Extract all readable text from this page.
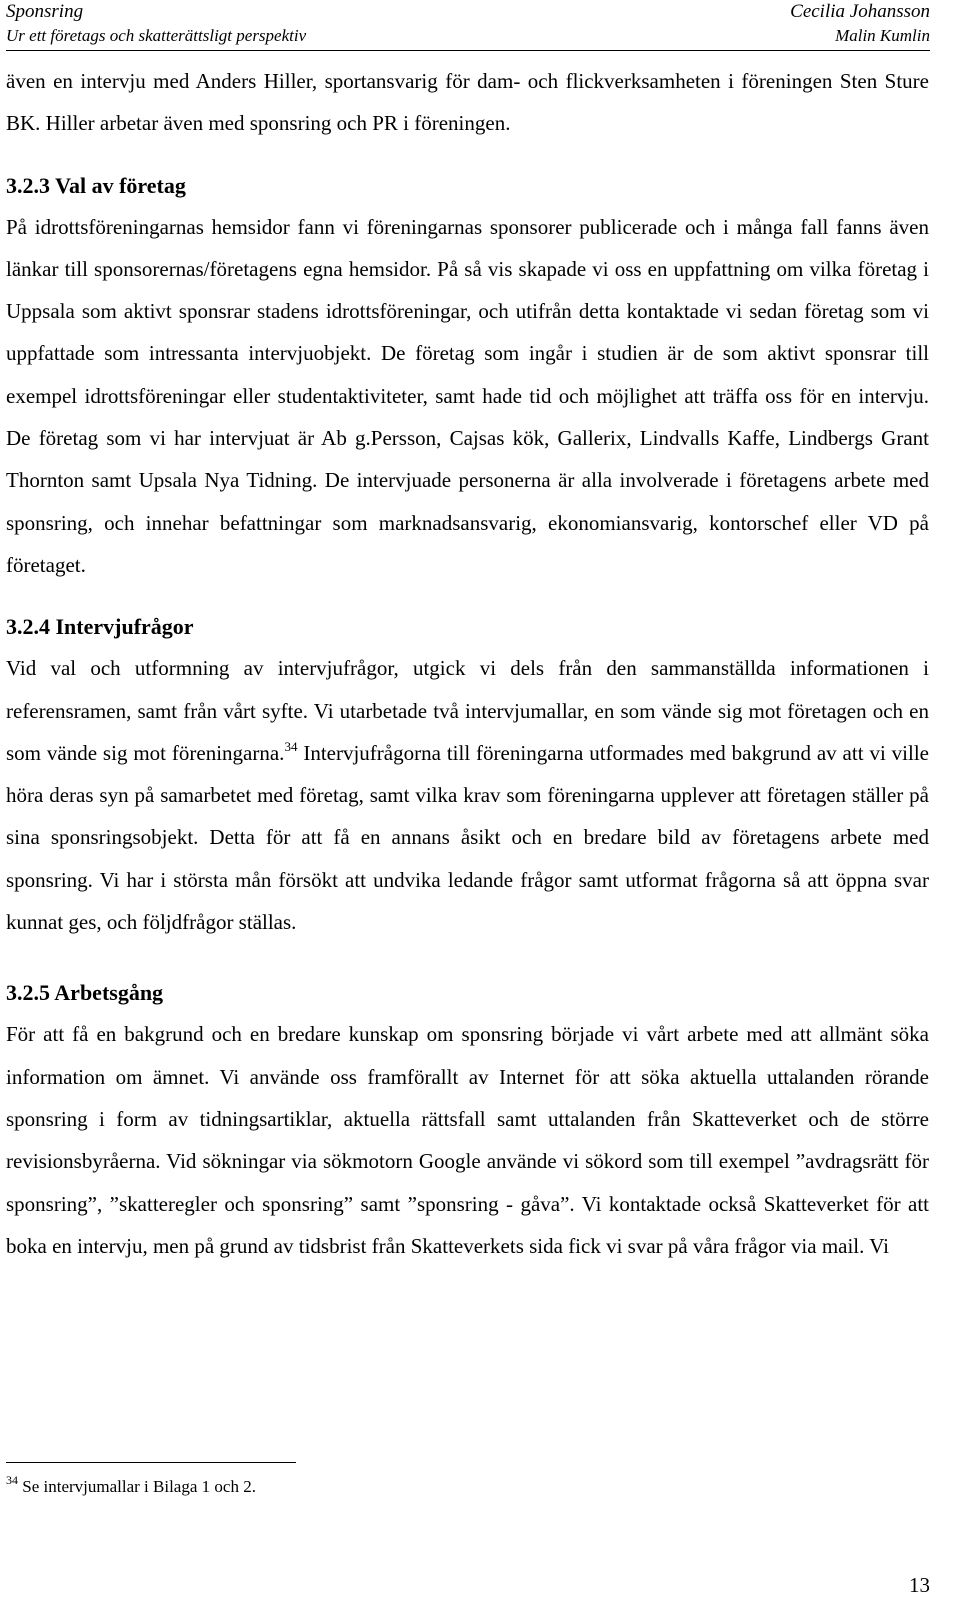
Sponsring
Ur ett företags och skatterättsligt perspektiv
Cecilia Johansson
Malin Kumlin

även en intervju med Anders Hiller, sportansvarig för dam- och flickverksamheten i föreningen Sten Sture BK. Hiller arbetar även med sponsring och PR i föreningen.

3.2.3 Val av företag

På idrottsföreningarnas hemsidor fann vi föreningarnas sponsorer publicerade och i många fall fanns även länkar till sponsorernas/företagens egna hemsidor. På så vis skapade vi oss en uppfattning om vilka företag i Uppsala som aktivt sponsrar stadens idrottsföreningar, och utifrån detta kontaktade vi sedan företag som vi uppfattade som intressanta intervjuobjekt. De företag som ingår i studien är de som aktivt sponsrar till exempel idrottsföreningar eller studentaktiviteter, samt hade tid och möjlighet att träffa oss för en intervju. De företag som vi har intervjuat är Ab g.Persson, Cajsas kök, Gallerix, Lindvalls Kaffe, Lindbergs Grant Thornton samt Upsala Nya Tidning. De intervjuade personerna är alla involverade i företagens arbete med sponsring, och innehar befattningar som marknadsansvarig, ekonomiansvarig, kontorschef eller VD på företaget.

3.2.4 Intervjufrågor

Vid val och utformning av intervjufrågor, utgick vi dels från den sammanställda informationen i referensramen, samt från vårt syfte. Vi utarbetade två intervjumallar, en som vände sig mot företagen och en som vände sig mot föreningarna.$^{34}$ Intervjufrågorna till föreningarna utformades med bakgrund av att vi ville höra deras syn på samarbetet med företag, samt vilka krav som föreningarna upplever att företagen ställer på sina sponsringsobjekt. Detta för att få en annans åsikt och en bredare bild av företagens arbete med sponsring. Vi har i största mån försökt att undvika ledande frågor samt utformat frågorna så att öppna svar kunnat ges, och följdfrågor ställas.

3.2.5 Arbetsgång

För att få en bakgrund och en bredare kunskap om sponsring började vi vårt arbete med att allmänt söka information om ämnet. Vi använde oss framförallt av Internet för att söka aktuella uttalanden rörande sponsring i form av tidningsartiklar, aktuella rättsfall samt uttalanden från Skatteverket och de större revisionsbyråerna. Vid sökningar via sökmotorn Google använde vi sökord som till exempel ”avdragsrätt för sponsring”, ”skatteregler och sponsring” samt ”sponsring - gåva”. Vi kontaktade också Skatteverket för att boka en intervju, men på grund av tidsbrist från Skatteverkets sida fick vi svar på våra frågor via mail. Vi

$^{34}$ Se intervjumallar i Bilaga 1 och 2.
13
